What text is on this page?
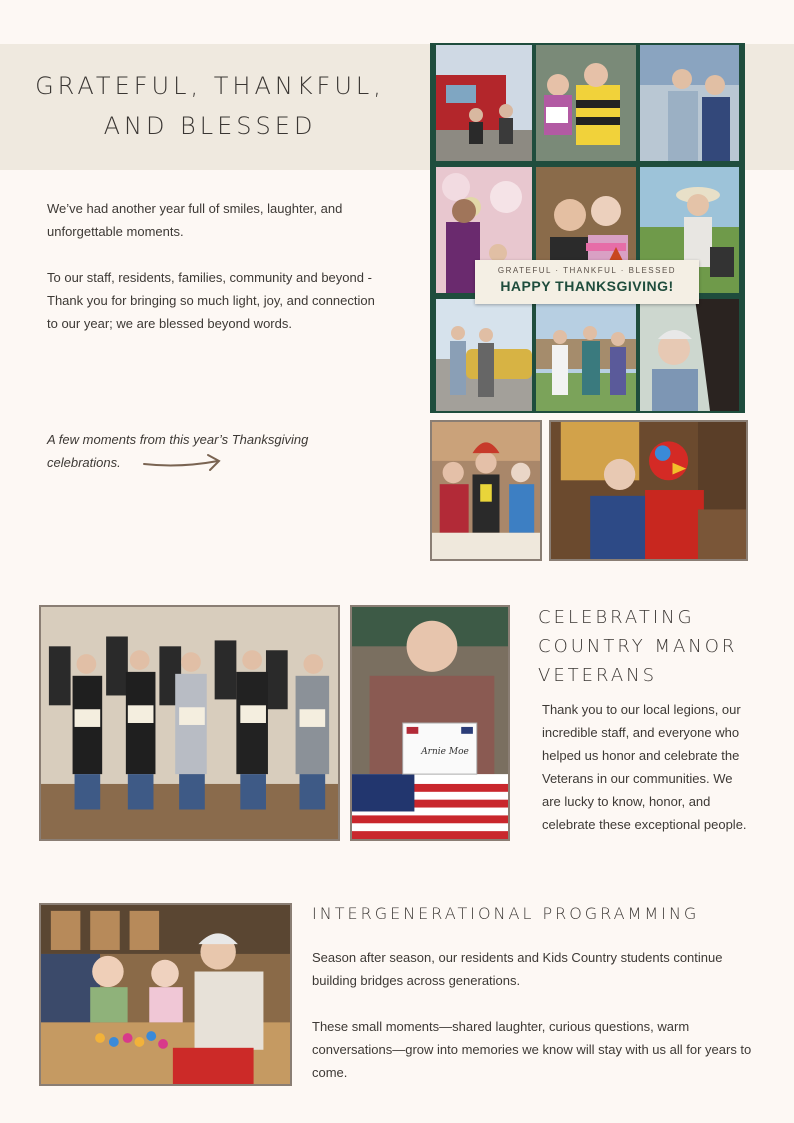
GRATEFUL, THANKFUL,
AND BLESSED

We’ve had another year full of smiles, laughter, and unforgettable moments.

To our staff, residents, families, community and beyond - Thank you for bringing so much light, joy, and connection to our year; we are blessed beyond words.

A few moments from this year’s Thanksgiving celebrations.
GRATEFUL · THANKFUL · BLESSED
HAPPY THANKSGIVING!
Arnie Moe
CELEBRATING
COUNTRY MANOR
VETERANS

Thank you to our local legions, our incredible staff, and everyone who helped us honor and celebrate the Veterans in our communities. We are lucky to know, honor, and celebrate these exceptional people.

INTERGENERATIONAL PROGRAMMING

Season after season, our residents and Kids Country students continue building bridges across generations.

These small moments—shared laughter, curious questions, warm conversations—grow into memories we know will stay with us all for years to come.
